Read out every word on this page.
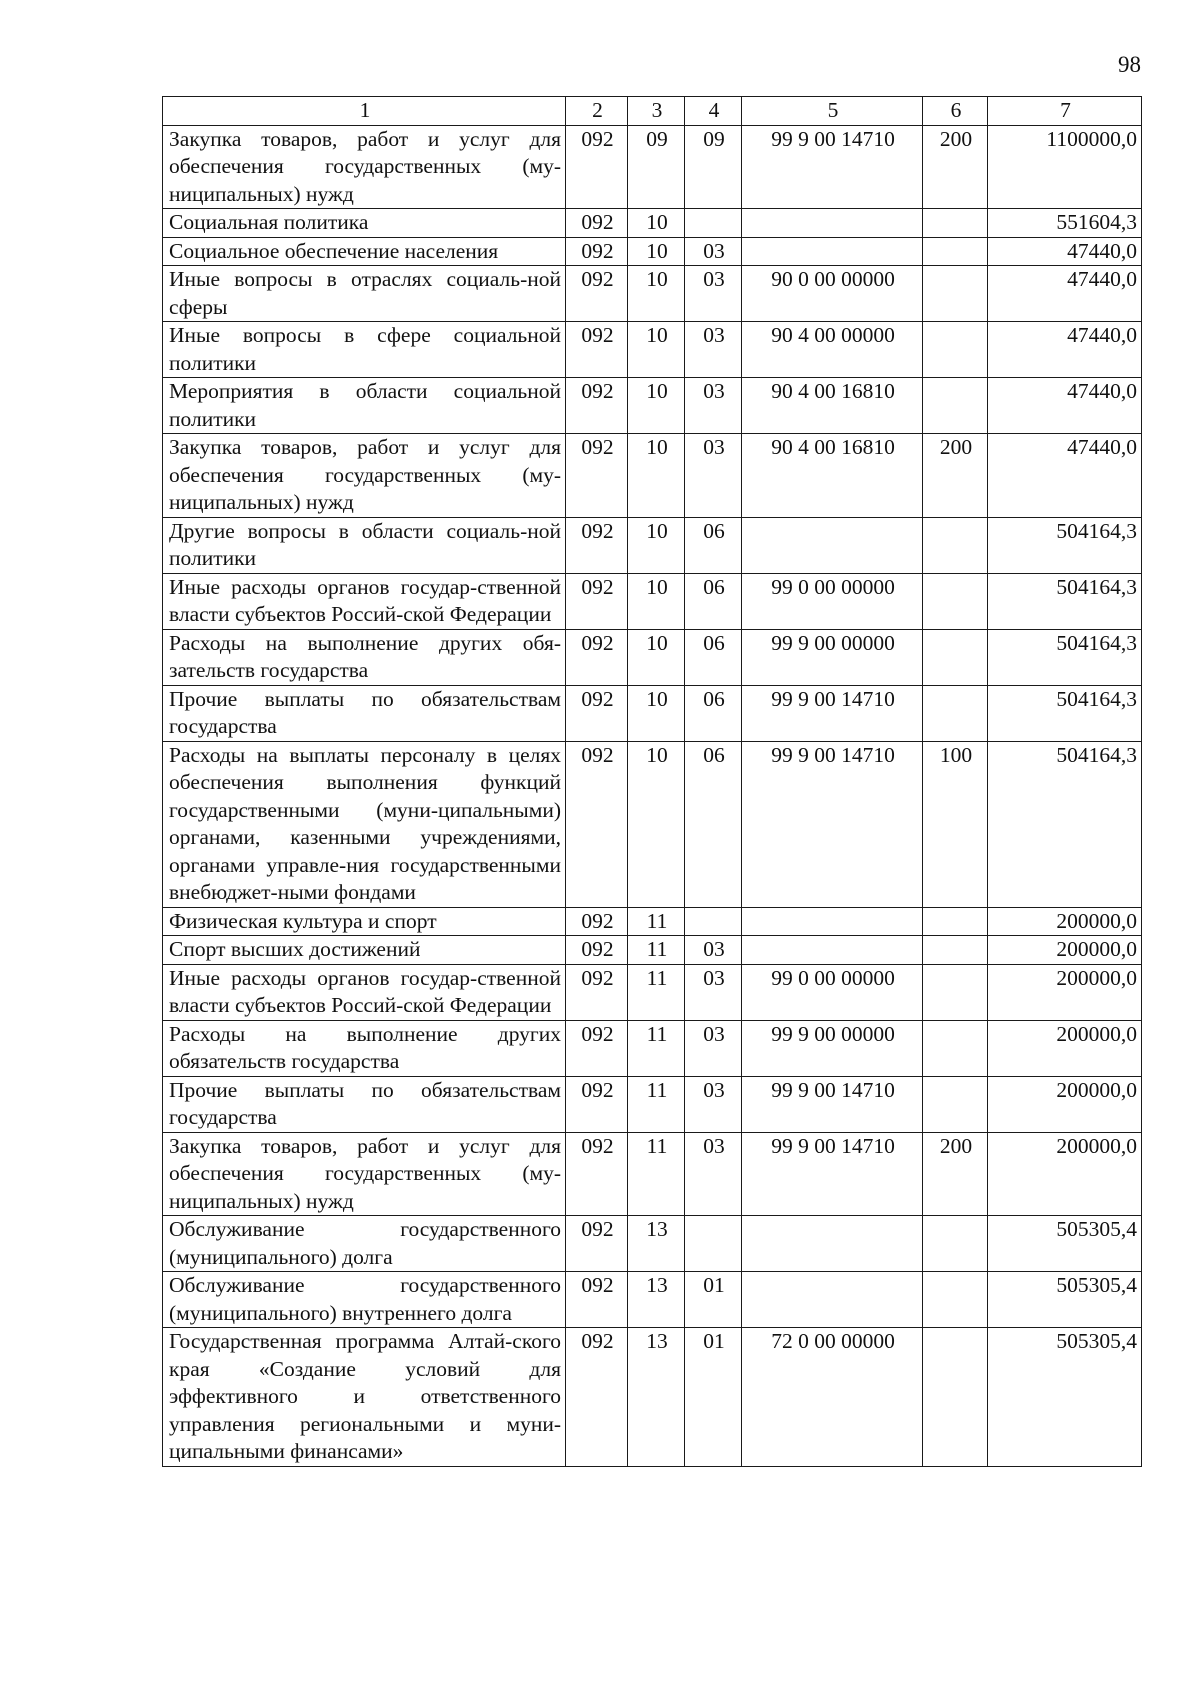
98
1	2	3	4	5	6	7
Закупка товаров, работ и услуг для обеспечения государственных (му-ниципальных) нужд	092	09	09	99 9 00 14710	200	1100000,0
Социальная политика	092	10				551604,3
Социальное обеспечение населения	092	10	03			47440,0
Иные вопросы в отраслях социаль-ной сферы	092	10	03	90 0 00 00000		47440,0
Иные вопросы в сфере социальной политики	092	10	03	90 4 00 00000		47440,0
Мероприятия в области социальной политики	092	10	03	90 4 00 16810		47440,0
Закупка товаров, работ и услуг для обеспечения государственных (му-ниципальных) нужд	092	10	03	90 4 00 16810	200	47440,0
Другие вопросы в области социаль-ной политики	092	10	06			504164,3
Иные расходы органов государ-ственной власти субъектов Россий-ской Федерации	092	10	06	99 0 00 00000		504164,3
Расходы на выполнение других обя-зательств государства	092	10	06	99 9 00 00000		504164,3
Прочие выплаты по обязательствам государства	092	10	06	99 9 00 14710		504164,3
Расходы на выплаты персоналу в целях обеспечения выполнения функций государственными (муни-ципальными) органами, казенными учреждениями, органами управле-ния государственными внебюджет-ными фондами	092	10	06	99 9 00 14710	100	504164,3
Физическая культура и спорт	092	11				200000,0
Спорт высших достижений	092	11	03			200000,0
Иные расходы органов государ-ственной власти субъектов Россий-ской Федерации	092	11	03	99 0 00 00000		200000,0
Расходы на выполнение других обязательств государства	092	11	03	99 9 00 00000		200000,0
Прочие выплаты по обязательствам государства	092	11	03	99 9 00 14710		200000,0
Закупка товаров, работ и услуг для обеспечения государственных (му-ниципальных) нужд	092	11	03	99 9 00 14710	200	200000,0
Обслуживание государственного (муниципального) долга	092	13				505305,4
Обслуживание государственного (муниципального) внутреннего долга	092	13	01			505305,4
Государственная программа Алтай-ского края «Создание условий для эффективного и ответственного управления региональными и муни-ципальными финансами»	092	13	01	72 0 00 00000		505305,4
